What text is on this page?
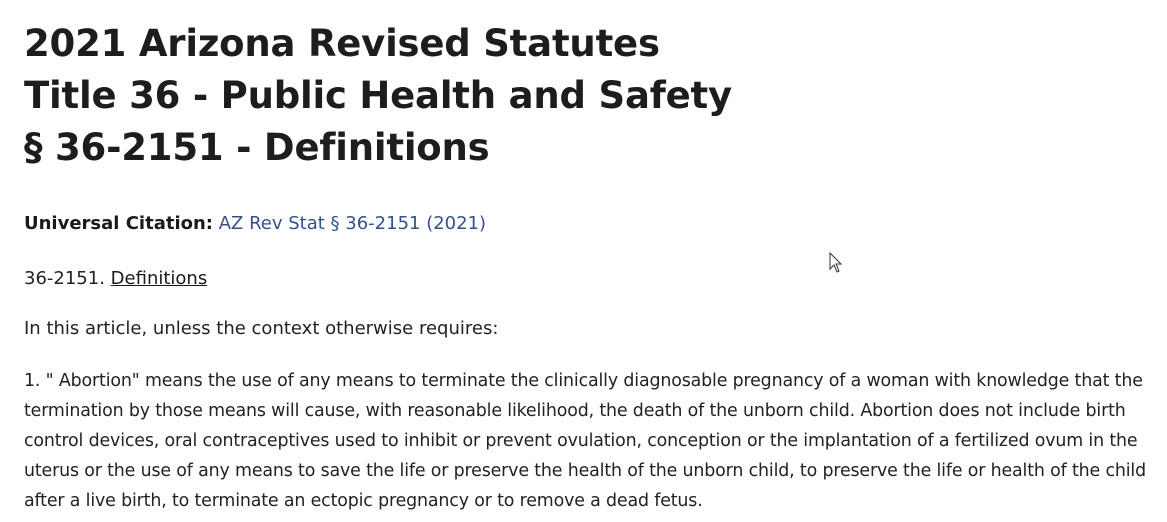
2021 Arizona Revised Statutes
Title 36 - Public Health and Safety
§ 36-2151 - Definitions

Universal Citation: AZ Rev Stat § 36-2151 (2021)

36-2151. Definitions

In this article, unless the context otherwise requires:

1. " Abortion" means the use of any means to terminate the clinically diagnosable pregnancy of a woman with knowledge that the termination by those means will cause, with reasonable likelihood, the death of the unborn child. Abortion does not include birth control devices, oral contraceptives used to inhibit or prevent ovulation, conception or the implantation of a fertilized ovum in the uterus or the use of any means to save the life or preserve the health of the unborn child, to preserve the life or health of the child after a live birth, to terminate an ectopic pregnancy or to remove a dead fetus.
